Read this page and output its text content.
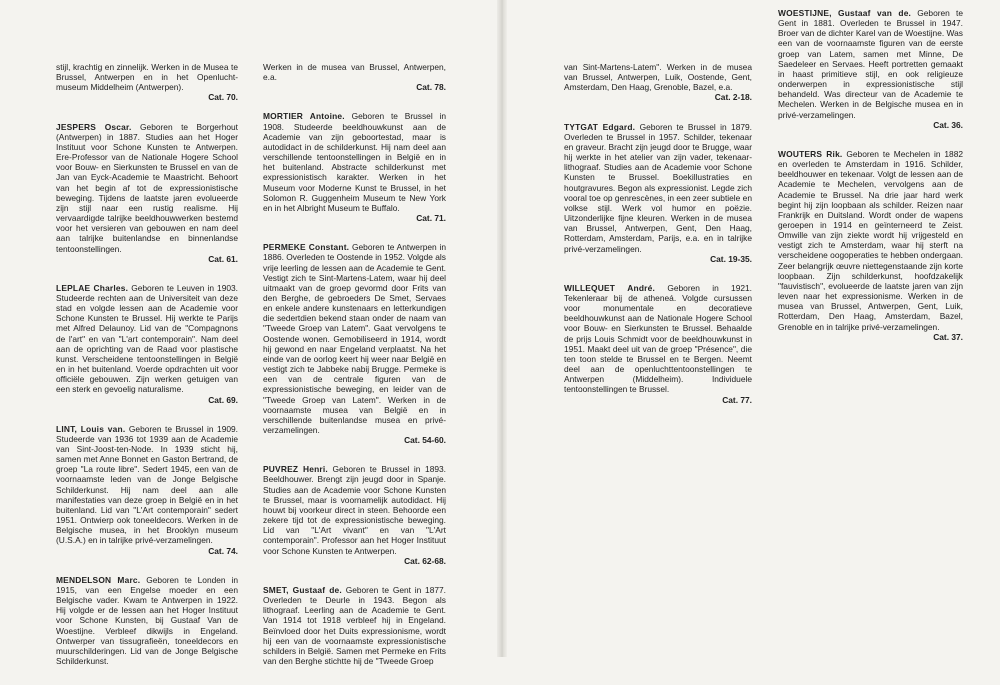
stijl, krachtig en zinnelijk. Werken in de Musea te Brussel, Antwerpen en in het Openlucht-museum Middelheim (Antwerpen).
Cat. 70.
JESPERS Oscar. Geboren te Borgerhout (Antwerpen) in 1887. Studies aan het Hoger Instituut voor Schone Kunsten te Antwerpen. Ere-Professor van de Nationale Hogere School voor Bouw- en Sierkunsten te Brussel en van de Jan van Eyck-Academie te Maastricht. Behoort van het begin af tot de expressionistische beweging. Tijdens de laatste jaren evolueerde zijn stijl naar een rustig realisme. Hij vervaardigde talrijke beeldhouwwerken bestemd voor het versieren van gebouwen en nam deel aan talrijke buitenlandse en binnenlandse tentoonstellingen.
Cat. 61.
LEPLAE Charles. Geboren te Leuven in 1903. Studeerde rechten aan de Universiteit van deze stad en volgde lessen aan de Academie voor Schone Kunsten te Brussel. Hij werkte te Parijs met Alfred Delaunoy. Lid van de "Compagnons de l'art" en van "L'art contemporain". Nam deel aan de oprichting van de Raad voor plastische kunst. Verscheidene tentoonstellingen in België en in het buitenland. Voerde opdrachten uit voor officiële gebouwen. Zijn werken getuigen van een sterk en gevoelig naturalisme.
Cat. 69.
LINT, Louis van. Geboren te Brussel in 1909. Studeerde van 1936 tot 1939 aan de Academie van Sint-Joost-ten-Node. In 1939 sticht hij, samen met Anne Bonnet en Gaston Bertrand, de groep "La route libre". Sedert 1945, een van de voornaamste leden van de Jonge Belgische Schilderkunst. Hij nam deel aan alle manifestaties van deze groep in België en in het buitenland. Lid van "L'Art contemporain" sedert 1951. Ontwierp ook toneeldecors. Werken in de Belgische musea, in het Brooklyn museum (U.S.A.) en in talrijke privé-verzamelingen.
Cat. 74.
MENDELSON Marc. Geboren te Londen in 1915, van een Engelse moeder en een Belgische vader. Kwam te Antwerpen in 1922. Hij volgde er de lessen aan het Hoger Instituut voor Schone Kunsten, bij Gustaaf Van de Woestijne. Verbleef dikwijls in Engeland. Ontwerper van tissugrafieën, toneeldecors en muurschilderingen. Lid van de Jonge Belgische Schilderkunst.
Werken in de musea van Brussel, Antwerpen, e.a.
Cat. 78.
MORTIER Antoine. Geboren te Brussel in 1908. Studeerde beeldhouwkunst aan de Academie van zijn geboortestad, maar is autodidact in de schilderkunst. Hij nam deel aan verschillende tentoonstellingen in België en in het buitenland. Abstracte schilderkunst met expressionistisch karakter. Werken in het Museum voor Moderne Kunst te Brussel, in het Solomon R. Guggenheim Museum te New York en in het Albright Museum te Buffalo.
Cat. 71.
PERMEKE Constant. Geboren te Antwerpen in 1886. Overleden te Oostende in 1952. Volgde als vrije leerling de lessen aan de Academie te Gent. Vestigt zich te Sint-Martens-Latem, waar hij deel uitmaakt van de groep gevormd door Frits van den Berghe, de gebroeders De Smet, Servaes en enkele andere kunstenaars en letterkundigen die sedertdien bekend staan onder de naam van "Tweede Groep van Latem". Gaat vervolgens te Oostende wonen. Gemobiliseerd in 1914, wordt hij gewond en naar Engeland verplaatst. Na het einde van de oorlog keert hij weer naar België en vestigt zich te Jabbeke nabij Brugge. Permeke is een van de centrale figuren van de expressionistische beweging, en leider van de "Tweede Groep van Latem". Werken in de voornaamste musea van België en in verschillende buitenlandse musea en privé-verzamelingen.
Cat. 54-60.
PUVREZ Henri. Geboren te Brussel in 1893. Beeldhouwer. Brengt zijn jeugd door in Spanje. Studies aan de Academie voor Schone Kunsten te Brussel, maar is voornamelijk autodidact. Hij houwt bij voorkeur direct in steen. Behoorde een zekere tijd tot de expressionistische beweging. Lid van "L'Art vivant" en van "L'Art contemporain". Professor aan het Hoger Instituut voor Schone Kunsten te Antwerpen.
Cat. 62-68.
SMET, Gustaaf de. Geboren te Gent in 1877. Overleden te Deurle in 1943. Begon als lithograaf. Leerling aan de Academie te Gent. Van 1914 tot 1918 verbleef hij in Engeland. Beïnvloed door het Duits expressionisme, wordt hij een van de voornaamste expressionistische schilders in België. Samen met Permeke en Frits van den Berghe stichtte hij de "Tweede Groep
van Sint-Martens-Latem". Werken in de musea van Brussel, Antwerpen, Luik, Oostende, Gent, Amsterdam, Den Haag, Grenoble, Bazel, e.a.
Cat. 2-18.
TYTGAT Edgard. Geboren te Brussel in 1879. Overleden te Brussel in 1957. Schilder, tekenaar en graveur. Bracht zijn jeugd door te Brugge, waar hij werkte in het atelier van zijn vader, tekenaar-lithograaf. Studies aan de Academie voor Schone Kunsten te Brussel. Boekillustraties en houtgravures. Begon als expressionist. Legde zich vooral toe op genrescènes, in een zeer subtiele en volkse stijl. Werk vol humor en poëzie. Uitzonderlijke fijne kleuren. Werken in de musea van Brussel, Antwerpen, Gent, Den Haag, Rotterdam, Amsterdam, Parijs, e.a. en in talrijke privé-verzamelingen.
Cat. 19-35.
WILLEQUET André. Geboren in 1921. Tekenleraar bij de atheneá. Volgde cursussen voor monumentale en decoratieve beeldhouwkunst aan de Nationale Hogere School voor Bouw- en Sierkunsten te Brussel. Behaalde de prijs Louis Schmidt voor de beeldhouwkunst in 1951. Maakt deel uit van de groep "Présence", die ten toon stelde te Brussel en te Bergen. Neemt deel aan de openluchttentoonstellingen te Antwerpen (Middelheim). Individuele tentoonstellingen te Brussel.
Cat. 77.
WOESTIJNE, Gustaaf van de. Geboren te Gent in 1881. Overleden te Brussel in 1947. Broer van de dichter Karel van de Woestijne. Was een van de voornaamste figuren van de eerste groep van Latem, samen met Minne, De Saedeleer en Servaes. Heeft portretten gemaakt in haast primitieve stijl, en ook religieuze onderwerpen in expressionistische stijl behandeld. Was directeur van de Academie te Mechelen. Werken in de Belgische musea en in privé-verzamelingen.
Cat. 36.
WOUTERS Rik. Geboren te Mechelen in 1882 en overleden te Amsterdam in 1916. Schilder, beeldhouwer en tekenaar. Volgt de lessen aan de Academie te Mechelen, vervolgens aan de Academie te Brussel. Na drie jaar hard werk begint hij zijn loopbaan als schilder. Reizen naar Frankrijk en Duitsland. Wordt onder de wapens geroepen in 1914 en geïnterneerd te Zeist. Omwille van zijn ziekte wordt hij vrijgesteld en vestigt zich te Amsterdam, waar hij sterft na verscheidene oogoperaties te hebben ondergaan. Zeer belangrijk œuvre niettegenstaande zijn korte loopbaan. Zijn schilderkunst, hoofdzakelijk "fauvistisch", evolueerde de laatste jaren van zijn leven naar het expressionisme. Werken in de musea van Brussel, Antwerpen, Gent, Luik, Rotterdam, Den Haag, Amsterdam, Bazel, Grenoble en in talrijke privé-verzamelingen.
Cat. 37.
